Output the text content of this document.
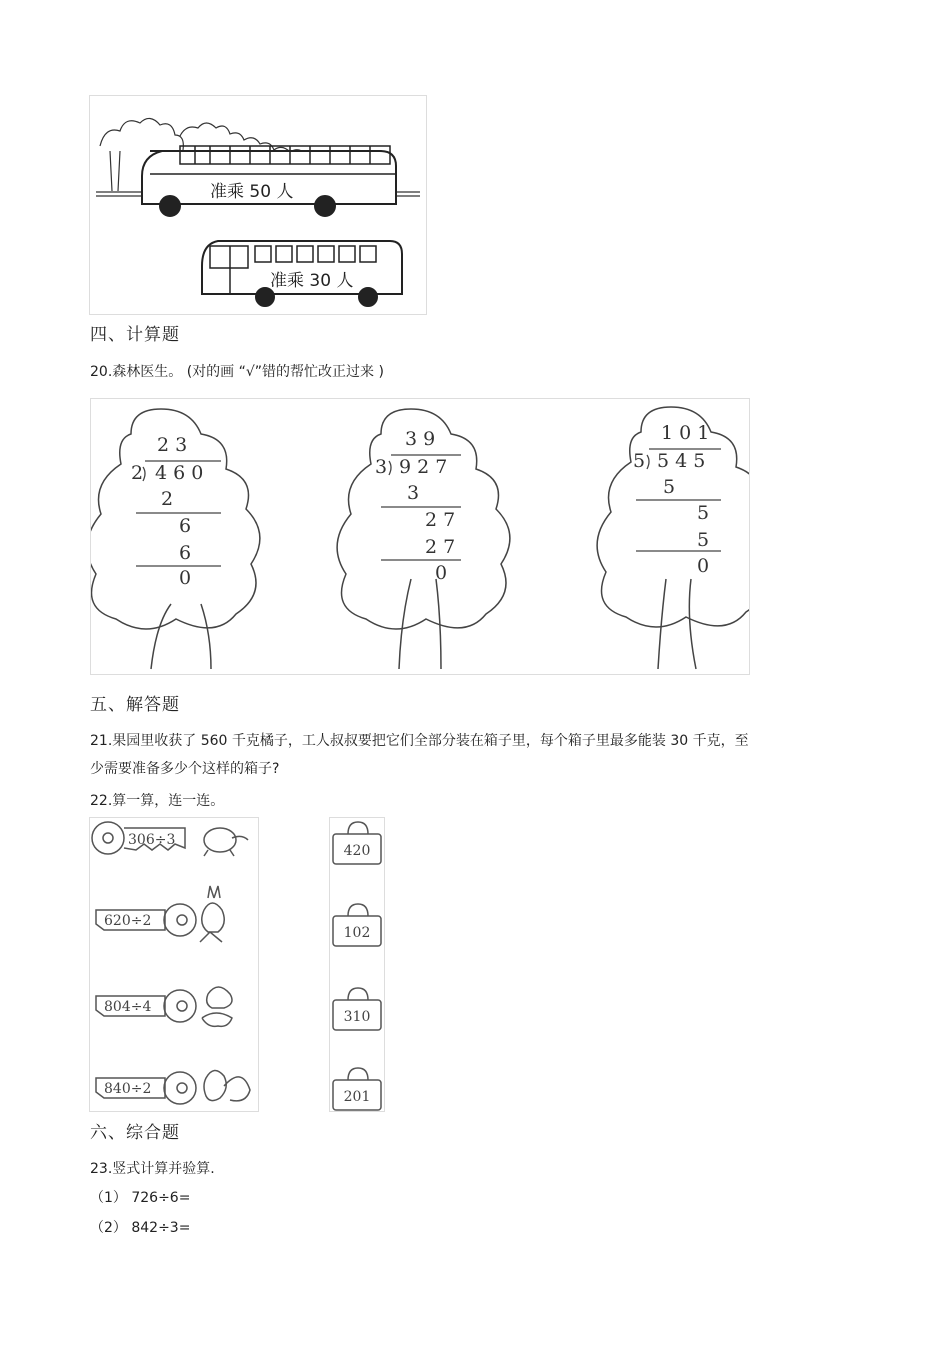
准乘 50 人
准乘 30 人
四、计算题
20.森林医生。 (对的画 “√”错的帮忙改正过来 )
2 3
2 4 6 0
2
6
6
0
3 9
3 9 2 7
3
2 7
2 7
0
1 0 1
5 5 4 5
5
5
5
0
五、解答题
21.果园里收获了 560 千克橘子，工人叔叔要把它们全部分装在箱子里，每个箱子里最多能装 30 千克，至
少需要准备多少个这样的箱子?
22.算一算，连一连。
306÷3
620÷2
804÷4
840÷2
420
102
310
201
六、综合题
23.竖式计算并验算.
（1） 726÷6=
（2） 842÷3=
